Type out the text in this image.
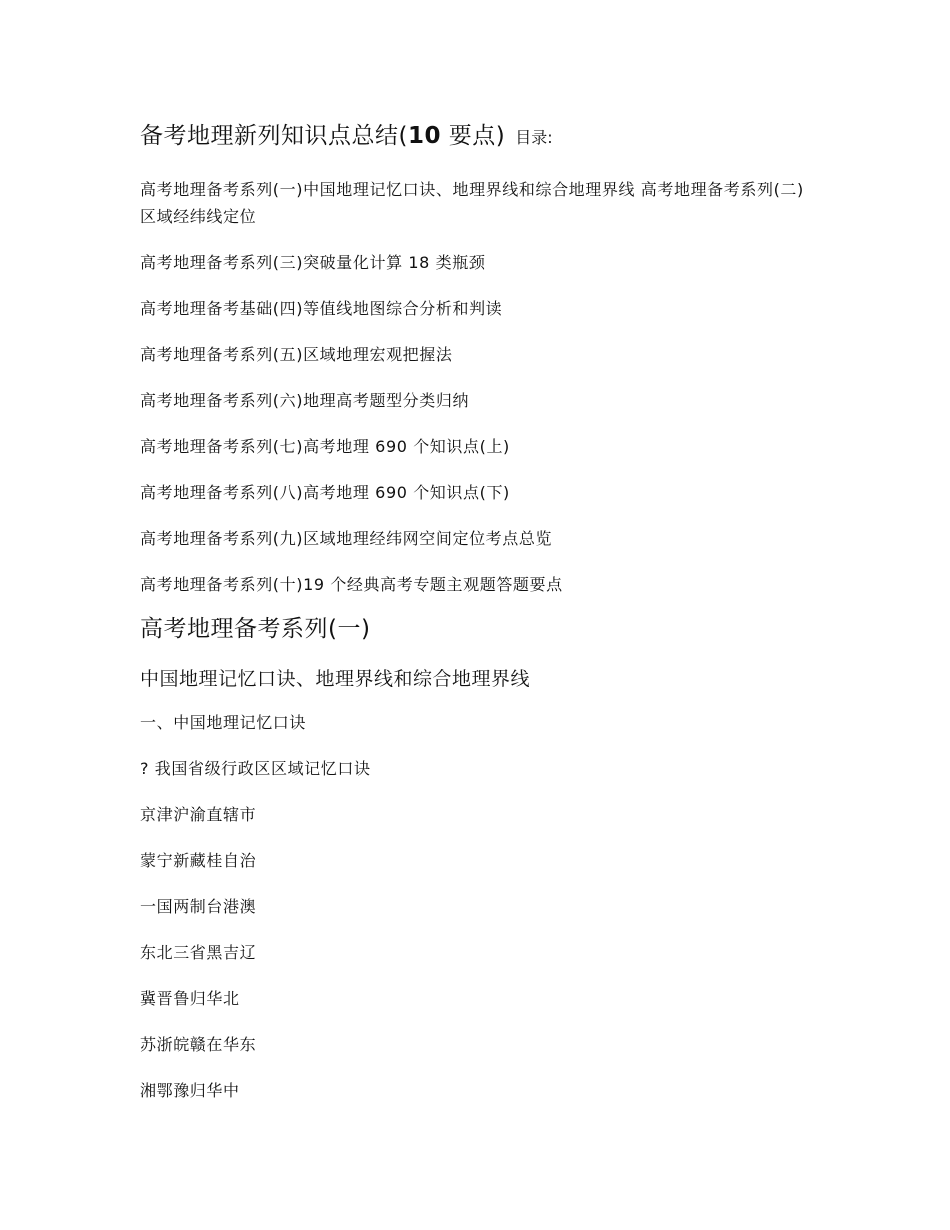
备考地理新列知识点总结(10 要点) 目录:
高考地理备考系列(一)中国地理记忆口诀、地理界线和综合地理界线 高考地理备考系列(二)区域经纬线定位
高考地理备考系列(三)突破量化计算 18 类瓶颈
高考地理备考基础(四)等值线地图综合分析和判读
高考地理备考系列(五)区域地理宏观把握法
高考地理备考系列(六)地理高考题型分类归纳
高考地理备考系列(七)高考地理 690 个知识点(上)
高考地理备考系列(八)高考地理 690 个知识点(下)
高考地理备考系列(九)区域地理经纬网空间定位考点总览
高考地理备考系列(十)19 个经典高考专题主观题答题要点
高考地理备考系列(一)
中国地理记忆口诀、地理界线和综合地理界线
一、中国地理记忆口诀
? 我国省级行政区区域记忆口诀
京津沪渝直辖市
蒙宁新藏桂自治
一国两制台港澳
东北三省黑吉辽
冀晋鲁归华北
苏浙皖赣在华东
湘鄂豫归华中
